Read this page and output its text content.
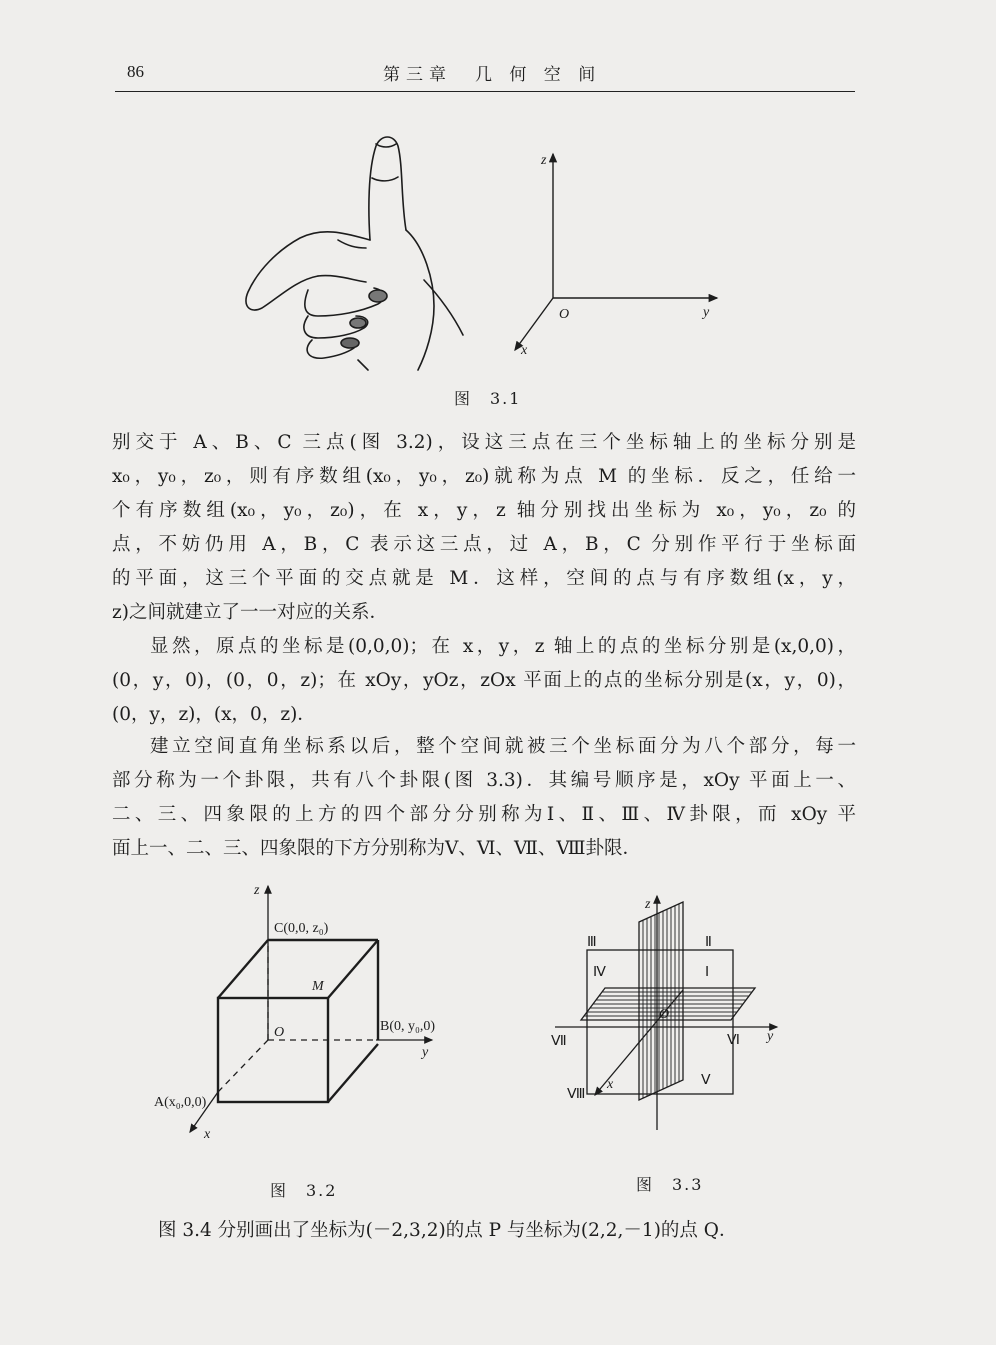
86	第三章　几 何 空 间
z
y
x
O
图　3.1
别交于 A、B、C 三点(图 3.2)，设这三点在三个坐标轴上的坐标分别是
x₀，y₀，z₀，则有序数组(x₀，y₀，z₀)就称为点 M 的坐标．反之，任给一
个有序数组(x₀，y₀，z₀)，在 x，y，z 轴分别找出坐标为 x₀，y₀，z₀ 的
点，不妨仍用 A，B，C 表示这三点，过 A，B，C 分别作平行于坐标面
的平面，这三个平面的交点就是 M．这样，空间的点与有序数组(x，y，
z)之间就建立了一一对应的关系．
显然，原点的坐标是(0,0,0)；在 x，y，z 轴上的点的坐标分别是(x,0,0)，
(0，y，0)，(0，0，z)；在 xOy，yOz，zOx 平面上的点的坐标分别是(x，y，0)，
(0，y，z)，(x，0，z)．
建立空间直角坐标系以后，整个空间就被三个坐标面分为八个部分，每一
部分称为一个卦限，共有八个卦限(图 3.3)．其编号顺序是，xOy 平面上一、
二、三、四象限的上方的四个部分分别称为Ⅰ、Ⅱ、Ⅲ、Ⅳ卦限，而 xOy 平
面上一、二、三、四象限的下方分别称为Ⅴ、Ⅵ、Ⅶ、Ⅷ卦限．
z
C(0,0, z₀)
M
O	B(0, y₀,0)
y
A(x₀,0,0)
x
图　3.2
z
Ⅲ	Ⅱ
Ⅳ	Ⅰ
O
Ⅶ	Ⅵ y
x
Ⅷ
Ⅴ
图　3.3
图 3.4 分别画出了坐标为(－2,3,2)的点 P 与坐标为(2,2,－1)的点 Q．
